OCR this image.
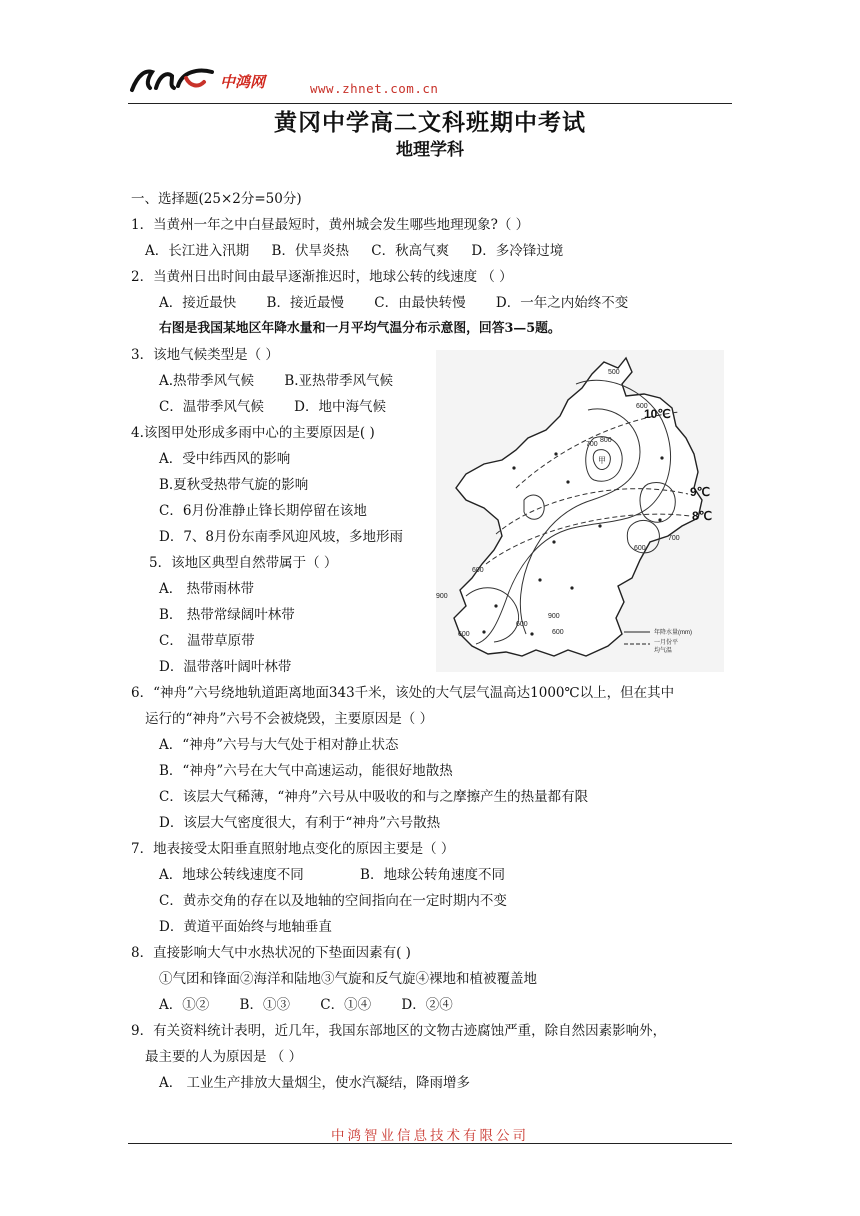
中鸿网	www.zhnet.com.cn
黄冈中学高二文科班期中考试
地理学科
一、选择题(25×2分=50分)
1．当黄州一年之中白昼最短时，黄州城会发生哪些地理现象?（ ）
A．长江进入汛期 B．伏旱炎热 C．秋高气爽 D．多冷锋过境
2．当黄州日出时间由最早逐渐推迟时，地球公转的线速度 （ ）
A．接近最快 B．接近最慢 C．由最快转慢 D．一年之内始终不变
右图是我国某地区年降水量和一月平均气温分布示意图，回答3—5题。
3．该地气候类型是（ ）
A.热带季风气候 B.亚热带季风气候
C．温带季风气候 D．地中海气候
4.该图甲处形成多雨中心的主要原因是( )
A．受中纬西风的影响
B.夏秋受热带气旋的影响
C．6月份准静止锋长期停留在该地
D．7、8月份东南季风迎风坡，多地形雨
5．该地区典型自然带属于（ ）
A． 热带雨林带
B． 热带常绿阔叶林带
C． 温带草原带
D．温带落叶阔叶林带
6．“神舟”六号绕地轨道距离地面343千米，该处的大气层气温高达1000℃以上，但在其中
运行的“神舟”六号不会被烧毁，主要原因是（ ）
A．“神舟”六号与大气处于相对静止状态
B．“神舟”六号在大气中高速运动，能很好地散热
C．该层大气稀薄，“神舟”六号从中吸收的和与之摩擦产生的热量都有限
D．该层大气密度很大，有利于“神舟”六号散热
7．地表接受太阳垂直照射地点变化的原因主要是（ ）
A．地球公转线速度不同	B．地球公转角速度不同
C．黄赤交角的存在以及地轴的空间指向在一定时期内不变
D．黄道平面始终与地轴垂直
8．直接影响大气中水热状况的下垫面因素有( )
①气团和锋面②海洋和陆地③气旋和反气旋④裸地和植被覆盖地
A．①② B．①③ C．①④ D．②④
9．有关资料统计表明，近几年，我国东部地区的文物古迹腐蚀严重，除自然因素影响外，
最主要的人为原因是 （ ）
A． 工业生产排放大量烟尘，使水汽凝结，降雨增多
500
600
700
800
900
600
600
600
700
900
600
600
甲
10℃
9℃
8℃
年降水量(mm)
一月份平
均气温
中鸿智业信息技术有限公司
